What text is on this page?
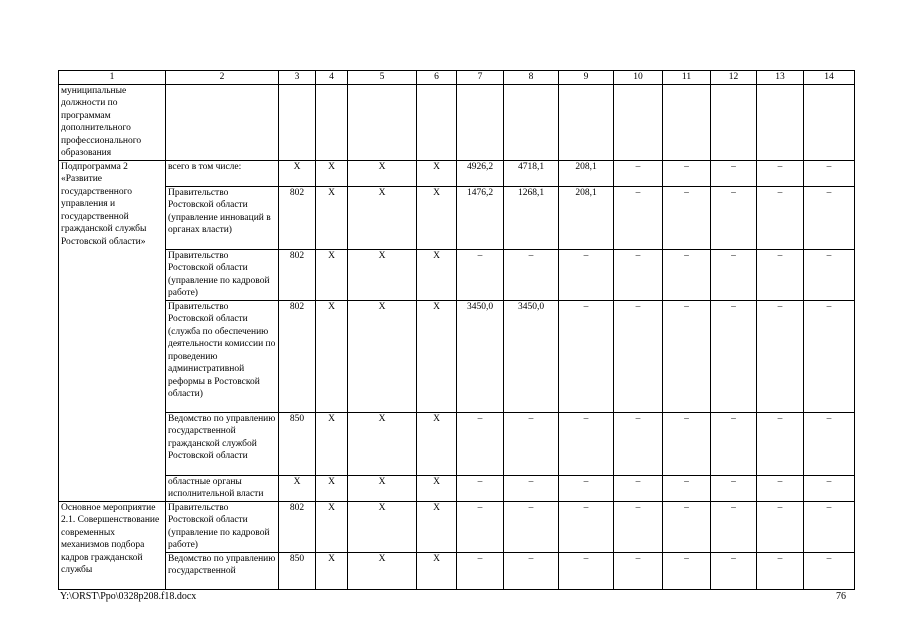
1	2	3	4	5	6	7	8	9	10	11	12	13	14
муниципальные должности по программам дополнительного профессионального образования													
Подпрограмма 2 «Развитие государственного управления и государственной гражданской службы Ростовской области»	всего в том числе:	X	X	X	X	4926,2	4718,1	208,1	–	–	–	–	–
	Правительство Ростовской области (управление инноваций в органах власти)	802	X	X	X	1476,2	1268,1	208,1	–	–	–	–	–
	Правительство Ростовской области (управление по кадровой работе)	802	X	X	X	–	–	–	–	–	–	–	–
	Правительство Ростовской области (служба по обеспечению деятельности комиссии по проведению административной реформы в Ростовской области)	802	X	X	X	3450,0	3450,0	–	–	–	–	–	–
	Ведомство по управлению государственной гражданской службой Ростовской области	850	X	X	X	–	–	–	–	–	–	–	–
	областные органы исполнительной власти	X	X	X	X	–	–	–	–	–	–	–	–
Основное мероприятие 2.1. Совершенствование современных механизмов подбора кадров гражданской службы	Правительство Ростовской области (управление по кадровой работе)	802	X	X	X	–	–	–	–	–	–	–	–
	Ведомство по управлению государственной	850	X	X	X	–	–	–	–	–	–	–	–
Y:\ORST\Ppo\0328p208.f18.docx	76
